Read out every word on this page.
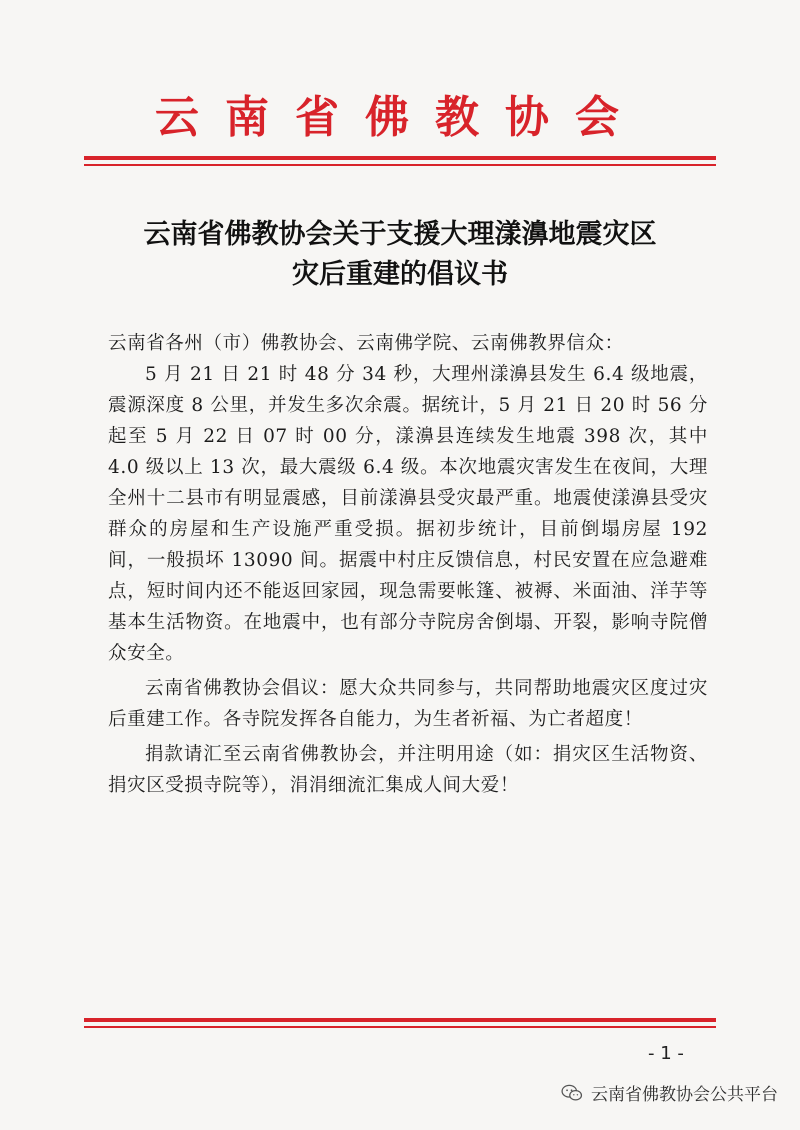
云南省佛教协会
云南省佛教协会关于支援大理漾濞地震灾区
灾后重建的倡议书

云南省各州（市）佛教协会、云南佛学院、云南佛教界信众：

5 月 21 日 21 时 48 分 34 秒，大理州漾濞县发生 6.4 级地震，震源深度 8 公里，并发生多次余震。据统计，5 月 21 日 20 时 56 分起至 5 月 22 日 07 时 00 分，漾濞县连续发生地震 398 次，其中 4.0 级以上 13 次，最大震级 6.4 级。本次地震灾害发生在夜间，大理全州十二县市有明显震感，目前漾濞县受灾最严重。地震使漾濞县受灾群众的房屋和生产设施严重受损。据初步统计，目前倒塌房屋 192 间，一般损坏 13090 间。据震中村庄反馈信息，村民安置在应急避难点，短时间内还不能返回家园，现急需要帐篷、被褥、米面油、洋芋等基本生活物资。在地震中，也有部分寺院房舍倒塌、开裂，影响寺院僧众安全。

云南省佛教协会倡议：愿大众共同参与，共同帮助地震灾区度过灾后重建工作。各寺院发挥各自能力，为生者祈福、为亡者超度！

捐款请汇至云南省佛教协会，并注明用途（如：捐灾区生活物资、捐灾区受损寺院等），涓涓细流汇集成人间大爱！

- 1 -
云南省佛教协会公共平台
